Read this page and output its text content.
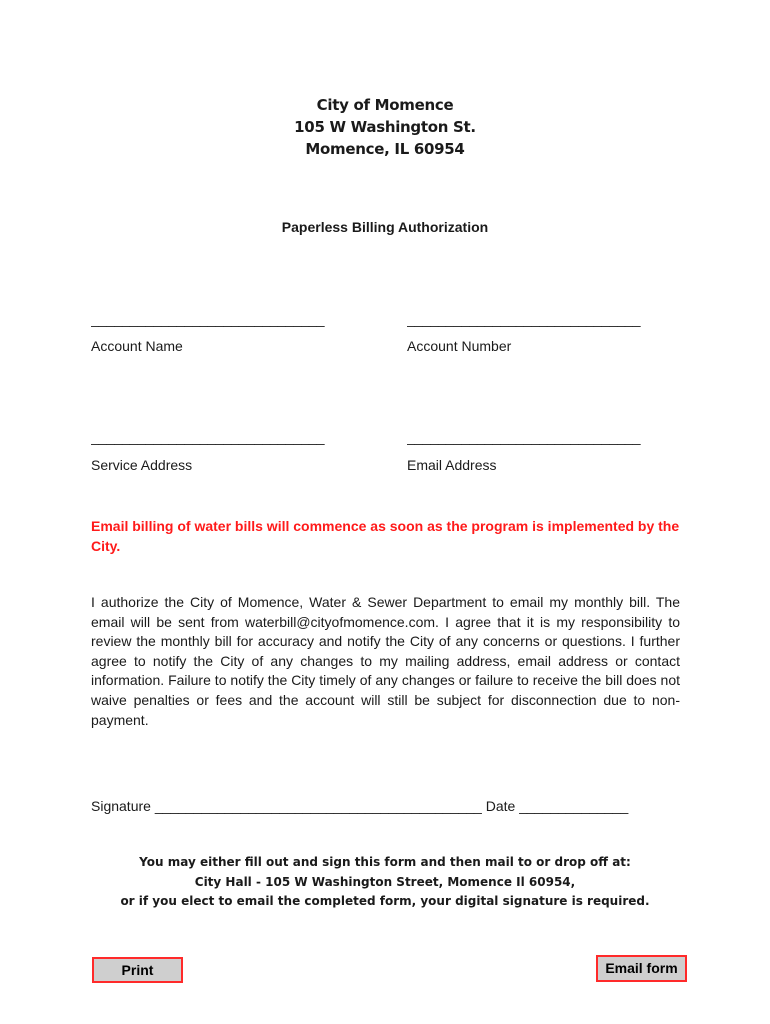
City of Momence
105 W Washington St.
Momence, IL 60954
Paperless Billing Authorization
______________________________	______________________________
Account Name	Account Number
______________________________	______________________________
Service Address	Email Address
Email billing of water bills will commence as soon as the program is implemented by the City.
I authorize the City of Momence, Water & Sewer Department to email my monthly bill. The email will be sent from waterbill@cityofmomence.com. I agree that it is my responsibility to review the monthly bill for accuracy and notify the City of any concerns or questions. I further agree to notify the City of any changes to my mailing address, email address or contact information. Failure to notify the City timely of any changes or failure to receive the bill does not waive penalties or fees and the account will still be subject for disconnection due to non-payment.
Signature __________________________________________ Date ______________
You may either fill out and sign this form and then mail to or drop off at:
City Hall - 105 W Washington Street, Momence Il 60954,
or if you elect to email the completed form, your digital signature is required.
Print	Email form
